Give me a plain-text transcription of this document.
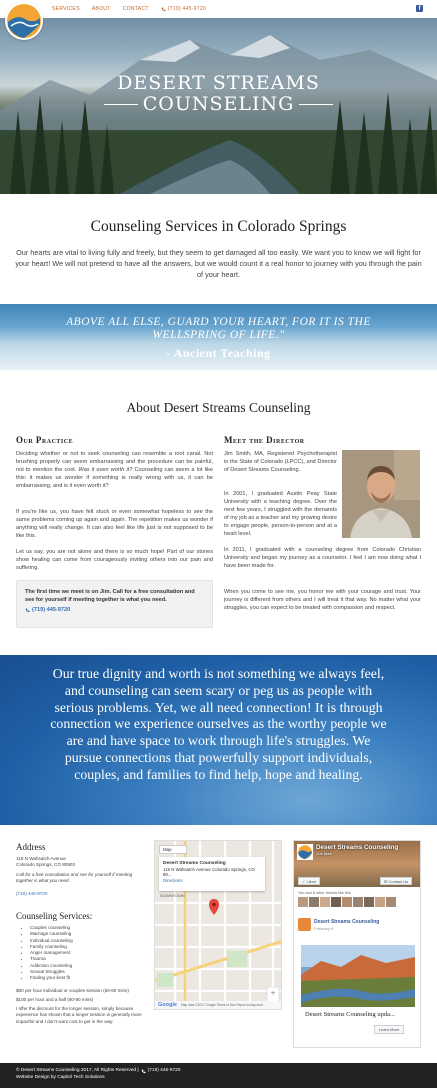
SERVICES ABOUT CONTACT	(719) 445-9720	f
DESERT STREAMS
COUNSELING
Counseling Services in Colorado Springs
Our hearts are vital to living fully and freely, but they seem to get damaged all too easily. We want you to know we will fight for your heart! We will not pretend to have all the answers, but we would count it a real honor to journey with you through the pain of your heart.
ABOVE ALL ELSE, GUARD YOUR HEART, FOR IT IS THE WELLSPRING OF LIFE."
- Ancient Teaching
About Desert Streams Counseling
Our Practice
Deciding whether or not to seek counseling can resemble a root canal. Not brushing properly can seem embarrassing and the procedure can be painful, not to mention the cost. Was it even worth it? Counseling can seem a lot like this: it makes us wonder if something is really wrong with us, it can be embarrassing, and is it even worth it?
If you're like us, you have felt stuck or even somewhat hopeless to see the same problems coming up again and again. The repetition makes us wonder if anything will really change. It can also feel like life just is not supposed to be like this.
Let us say, you are not alone and there is so much hope! Part of our stories show healing can come from courageously inviting others into our pain and suffering.
The first time we meet is on Jim. Call for a free consultation and see for yourself if meeting together is what you need.
(719) 445-9720
Meet the Director
Jim Smith, MA, Registered Psychotherapist in the State of Colorado (LPCC), and Director of Desert Streams Counseling.
In 2001, I graduated Austin Peay State University with a teaching degree. Over the next few years, I struggled with the demands of my job as a teacher and my growing desire to engage people, person-to-person and at a heart level.
In 2011, I graduated with a counseling degree from Colorado Christian University and began my journey as a counselor. I feel I am now doing what I have been made for.
When you come to see me, you honor me with your courage and trust. Your journey is different from others and I will treat it that way. No matter what your struggles, you can expect to be treated with compassion and respect.
Our true dignity and worth is not something we always feel, and counseling can seem scary or peg us as people with serious problems. Yet, we all need connection! It is through connection we experience ourselves as the worthy people we are and have space to work through life's struggles. We pursue connections that powerfully support individuals, couples, and families to find help, hope and healing.
Address
119 N Wahsatch Avenue
Colorado Springs, CO 80903
Call for a free consultation and see for yourself if meeting together is what you need.
(719) 445-9720
Counseling Services:
• Couples counseling
• Marriage counseling
• Individual counseling
• Family counseling
• Anger management
• Trauma
• Addiction counseling
• Sexual Struggles
• Finding your best fit
$80 per hour individual or couples session (50-60 mins)
$100 per hour and a half (80-90 mins)
I offer the discount for the longer session, simply because experience has shown that a longer session is generally more impactful and I don't want cost to get in the way.
+
DOWNTOWN
Map
Desert Streams Counseling
119 N Wahsatch Avenue Colorado Springs, CO 80...
Directions
Map data ©2017 Google Terms of Use Report a map error
Google
Desert Streams Counseling
106 likes
✓ Liked	✉ Contact Us
You and 8 other friends like this
Desert Streams Counseling
February 6
Desert Streams Counseling upda...
Learn More
© Desert Streams Counseling 2017, All Rights Reserved | (719) 445-9720
Website Design by Capitol Tech Solutions
